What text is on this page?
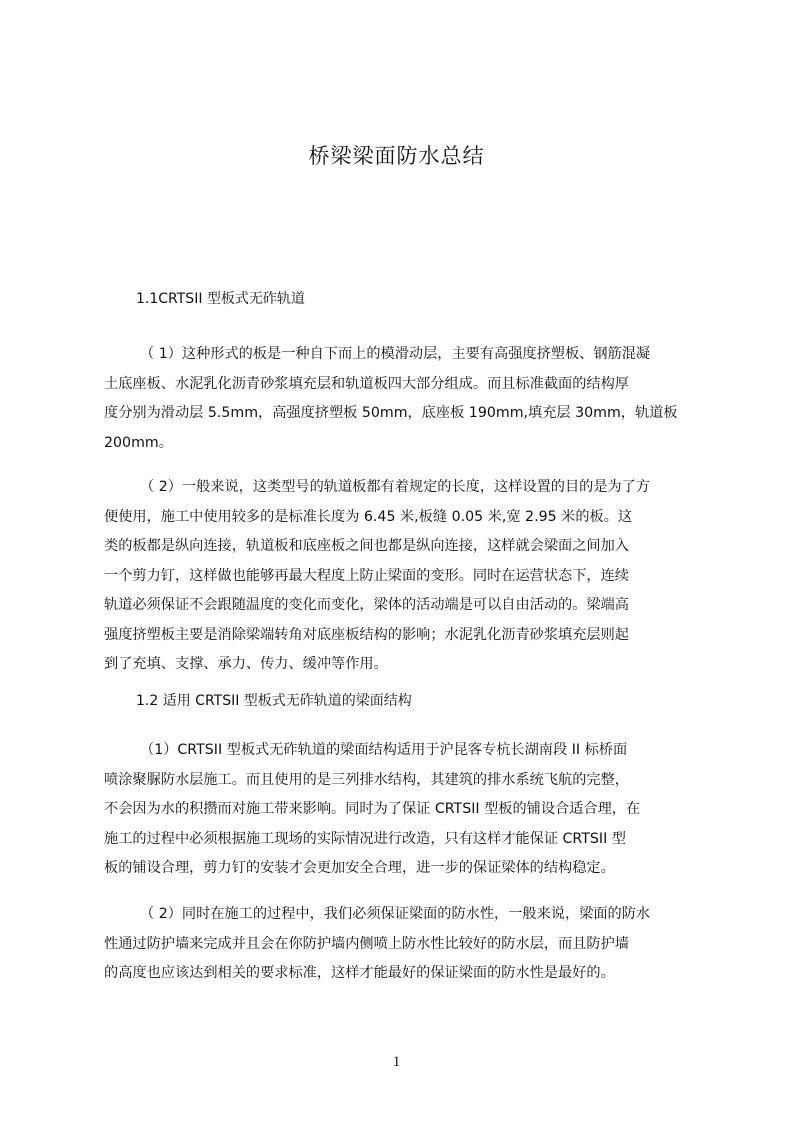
桥梁梁面防水总结
1.1CRTSII 型板式无砟轨道
（ 1）这种形式的板是一种自下而上的模滑动层，主要有高强度挤塑板、钢筋混凝
土底座板、水泥乳化沥青砂浆填充层和轨道板四大部分组成。而且标准截面的结构厚
度分别为滑动层 5.5mm，高强度挤塑板 50mm，底座板 190mm,填充层 30mm，轨道板
200mm。
（ 2）一般来说，这类型号的轨道板都有着规定的长度，这样设置的目的是为了方
便使用，施工中使用较多的是标准长度为 6.45 米,板缝 0.05 米,宽 2.95 米的板。这
类的板都是纵向连接，轨道板和底座板之间也都是纵向连接，这样就会梁面之间加入
一个剪力钉，这样做也能够再最大程度上防止梁面的变形。同时在运营状态下，连续
轨道必须保证不会跟随温度的变化而变化，梁体的活动端是可以自由活动的。梁端高
强度挤塑板主要是消除梁端转角对底座板结构的影响；水泥乳化沥青砂浆填充层则起
到了充填、支撑、承力、传力、缓冲等作用。
1.2 适用 CRTSII 型板式无砟轨道的梁面结构
（1）CRTSII 型板式无砟轨道的梁面结构适用于沪昆客专杭长湖南段 II 标桥面
喷涂聚脲防水层施工。而且使用的是三列排水结构，其建筑的排水系统飞航的完整，
不会因为水的积攒而对施工带来影响。同时为了保证 CRTSII 型板的铺设合适合理，在
施工的过程中必须根据施工现场的实际情况进行改造，只有这样才能保证 CRTSII 型
板的铺设合理，剪力钉的安装才会更加安全合理，进一步的保证梁体的结构稳定。
（ 2）同时在施工的过程中，我们必须保证梁面的防水性，一般来说，梁面的防水
性通过防护墙来完成并且会在你防护墙内侧喷上防水性比较好的防水层，而且防护墙
的高度也应该达到相关的要求标准，这样才能最好的保证梁面的防水性是最好的。
1
